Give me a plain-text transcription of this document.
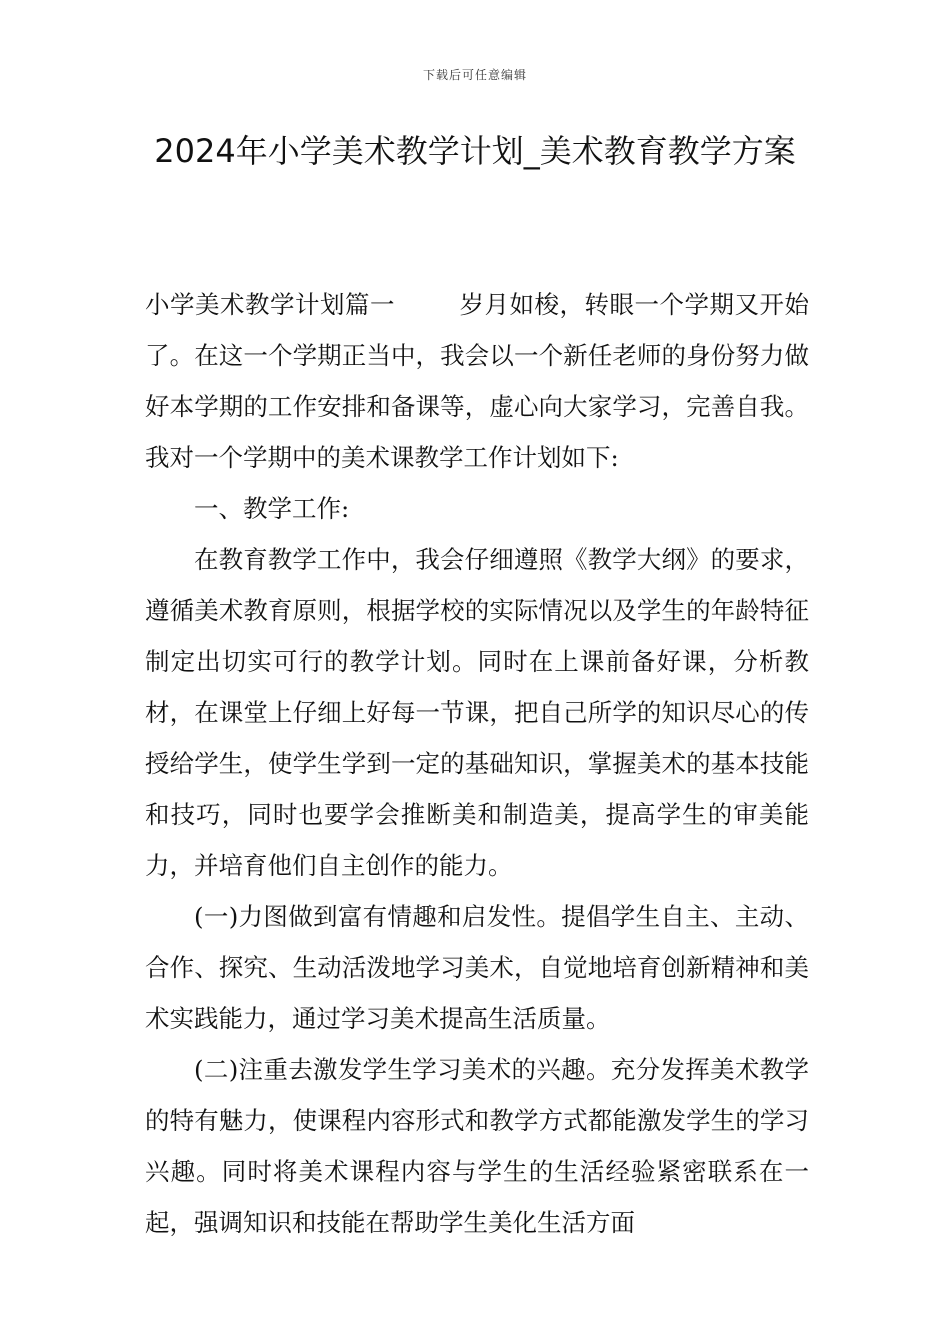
下载后可任意编辑
2024年小学美术教学计划_美术教育教学方案

小学美术教学计划篇一	岁月如梭，转眼一个学期又开始了。在这一个学期正当中，我会以一个新任老师的身份努力做好本学期的工作安排和备课等，虚心向大家学习，完善自我。我对一个学期中的美术课教学工作计划如下:

一、教学工作:

在教育教学工作中，我会仔细遵照《教学大纲》的要求，遵循美术教育原则，根据学校的实际情况以及学生的年龄特征制定出切实可行的教学计划。同时在上课前备好课，分析教材，在课堂上仔细上好每一节课，把自己所学的知识尽心的传授给学生，使学生学到一定的基础知识，掌握美术的基本技能和技巧，同时也要学会推断美和制造美，提高学生的审美能力，并培育他们自主创作的能力。

(一)力图做到富有情趣和启发性。提倡学生自主、主动、合作、探究、生动活泼地学习美术，自觉地培育创新精神和美术实践能力，通过学习美术提高生活质量。

(二)注重去激发学生学习美术的兴趣。充分发挥美术教学的特有魅力，使课程内容形式和教学方式都能激发学生的学习兴趣。同时将美术课程内容与学生的生活经验紧密联系在一起，强调知识和技能在帮助学生美化生活方面
